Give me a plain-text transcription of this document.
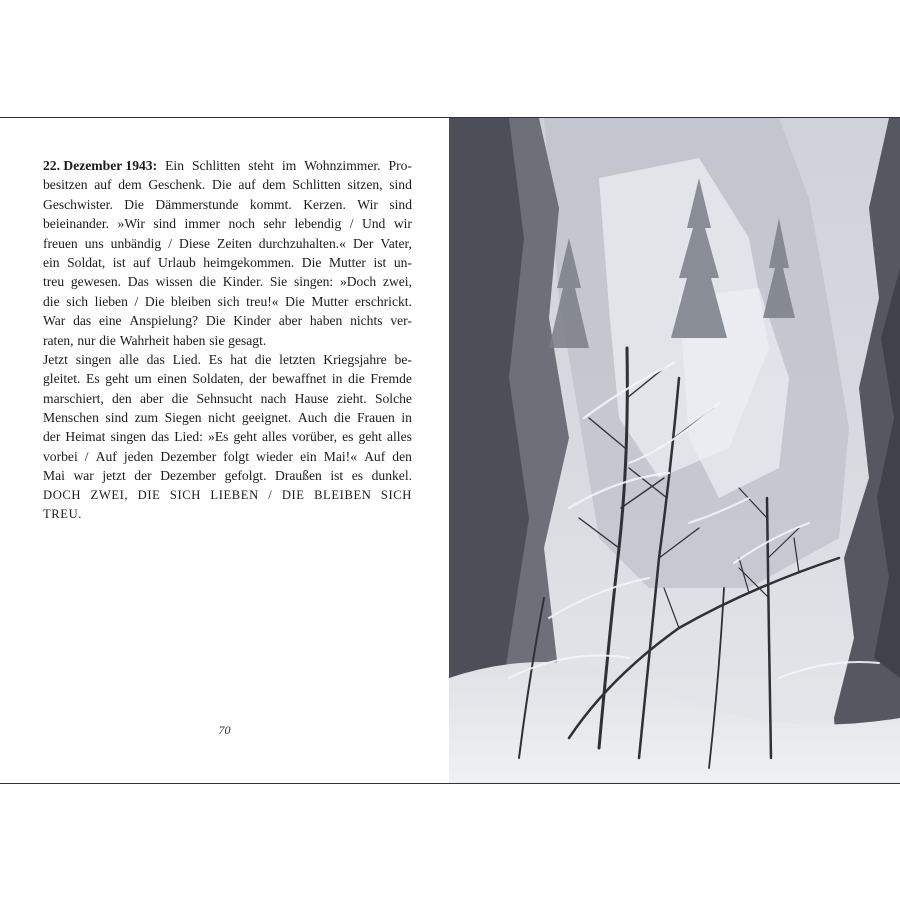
22. Dezember 1943: Ein Schlitten steht im Wohnzimmer. Pro-
besitzen auf dem Geschenk. Die auf dem Schlitten sitzen, sind
Geschwister. Die Dämmerstunde kommt. Kerzen. Wir sind
beieinander. »Wir sind immer noch sehr lebendig / Und wir
freuen uns unbändig / Diese Zeiten durchzuhalten.« Der Vater,
ein Soldat, ist auf Urlaub heimgekommen. Die Mutter ist un-
treu gewesen. Das wissen die Kinder. Sie singen: »Doch zwei,
die sich lieben / Die bleiben sich treu!« Die Mutter erschrickt.
War das eine Anspielung? Die Kinder aber haben nichts ver-
raten, nur die Wahrheit haben sie gesagt.
Jetzt singen alle das Lied. Es hat die letzten Kriegsjahre be-
gleitet. Es geht um einen Soldaten, der bewaffnet in die Fremde
marschiert, den aber die Sehnsucht nach Hause zieht. Solche
Menschen sind zum Siegen nicht geeignet. Auch die Frauen in
der Heimat singen das Lied: »Es geht alles vorüber, es geht alles
vorbei / Auf jeden Dezember folgt wieder ein Mai!« Auf den
Mai war jetzt der Dezember gefolgt. Draußen ist es dunkel.
DOCH ZWEI, DIE SICH LIEBEN / DIE BLEIBEN SICH
TREU.
70
